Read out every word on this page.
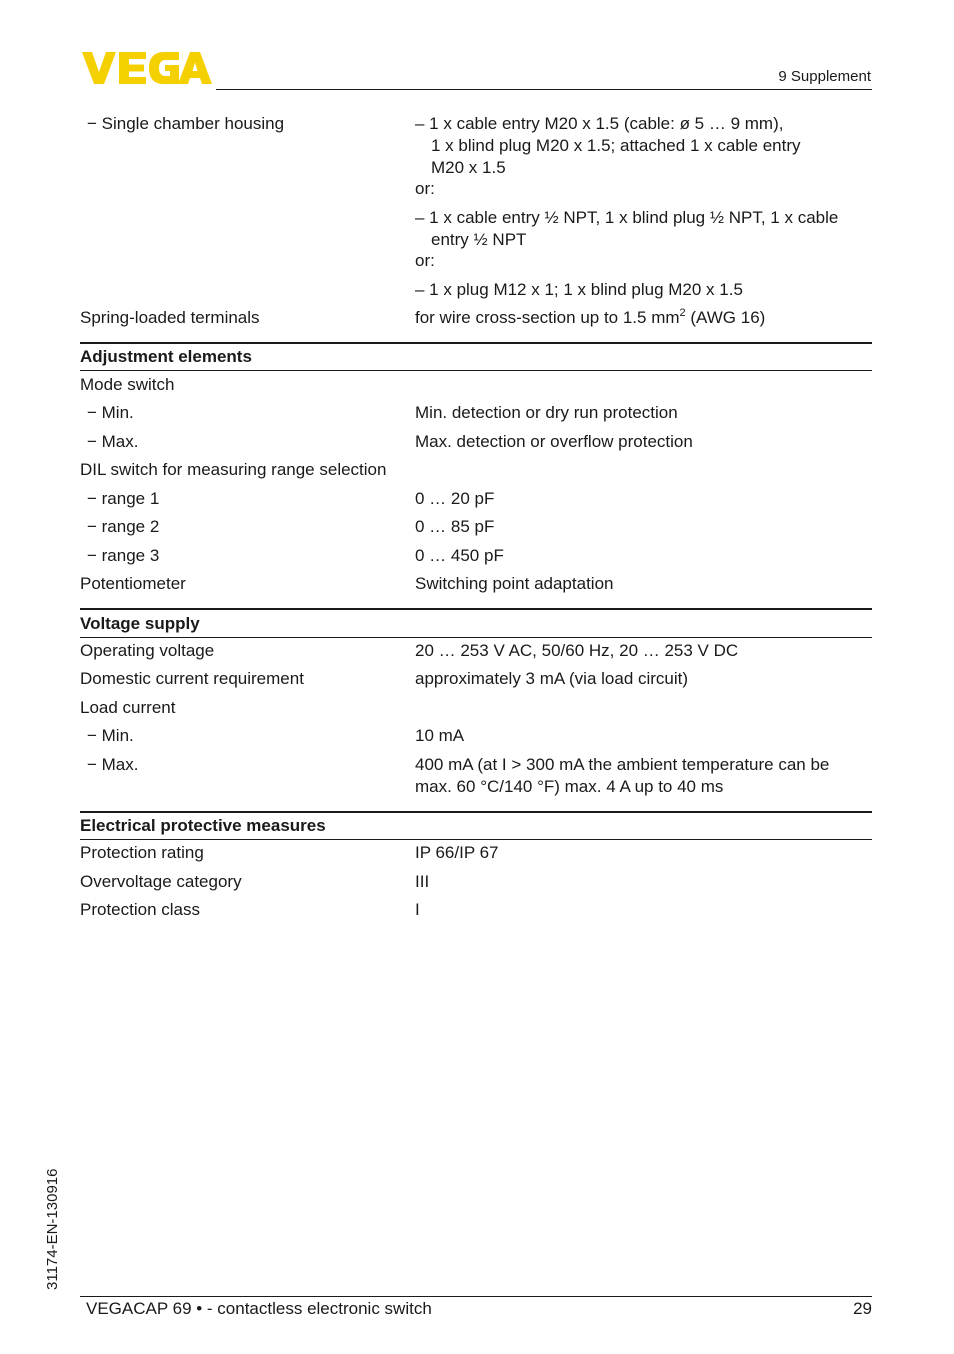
9 Supplement
− Single chamber housing	– 1 x cable entry M20 x 1.5 (cable: ø 5 … 9 mm),
1 x blind plug M20 x 1.5; attached 1 x cable entry
M20 x 1.5
or:
– 1 x cable entry ½ NPT, 1 x blind plug ½ NPT, 1 x cable
entry ½ NPT
or:
– 1 x plug M12 x 1; 1 x blind plug M20 x 1.5
Spring-loaded terminals	for wire cross-section up to 1.5 $mm^2$ (AWG 16)
Adjustment elements
Mode switch
− Min.	Min. detection or dry run protection
− Max.	Max. detection or overflow protection
DIL switch for measuring range selection
− range 1	0 … 20 pF
− range 2	0 … 85 pF
− range 3	0 … 450 pF
Potentiometer	Switching point adaptation
Voltage supply
Operating voltage	20 … 253 V AC, 50/60 Hz, 20 … 253 V DC
Domestic current requirement	approximately 3 mA (via load circuit)
Load current
− Min.	10 mA
− Max.	400 mA (at I > 300 mA the ambient temperature can be
max. 60 °C/140 °F) max. 4 A up to 40 ms
Electrical protective measures
Protection rating	IP 66/IP 67
Overvoltage category	III
Protection class	I
31174-EN-130916
VEGACAP 69 • - contactless electronic switch	29
